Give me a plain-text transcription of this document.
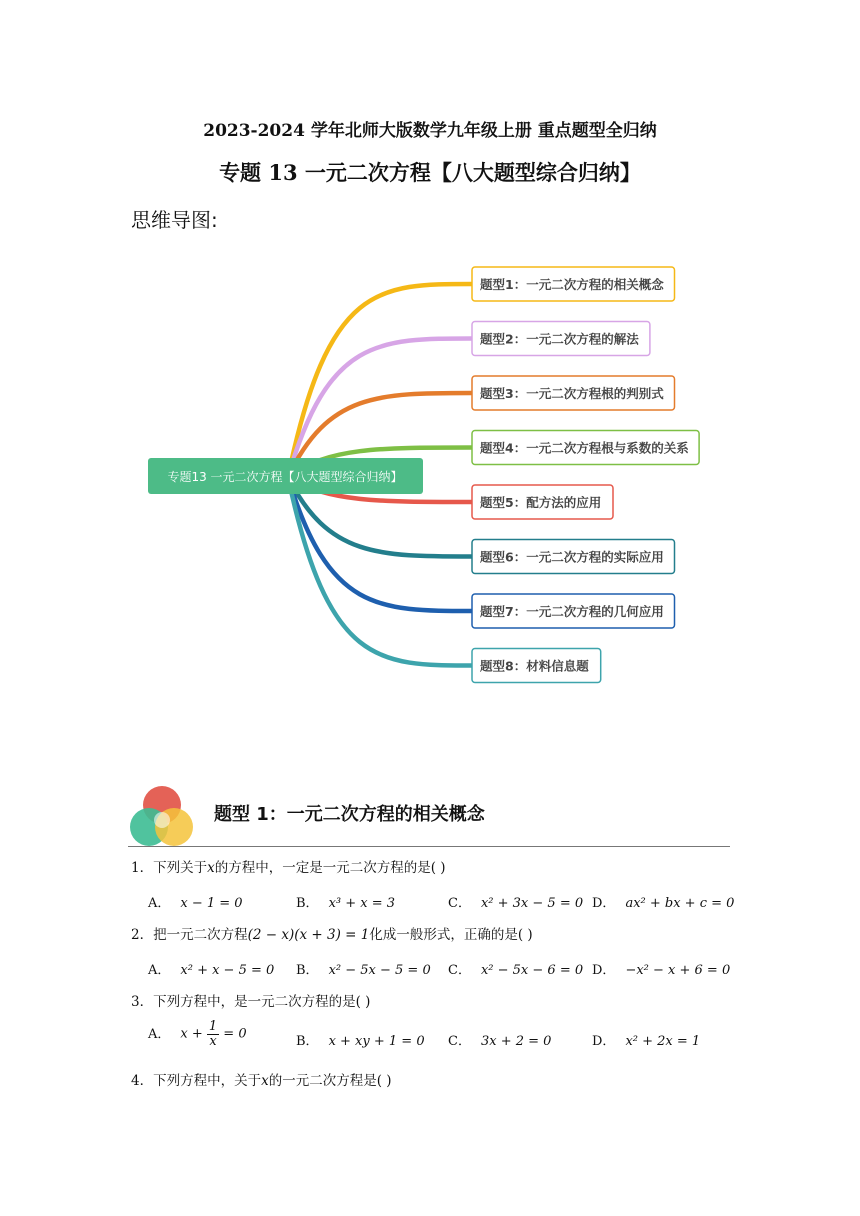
2023-2024 学年北师大版数学九年级上册 重点题型全归纳
专题 13 一元二次方程【八大题型综合归纳】
思维导图:
专题13 一元二次方程【八大题型综合归纳】
题型1：一元二次方程的相关概念
题型2：一元二次方程的解法
题型3：一元二次方程根的判别式
题型4：一元二次方程根与系数的关系
题型5：配方法的应用
题型6：一元二次方程的实际应用
题型7：一元二次方程的几何应用
题型8：材料信息题
题型 1：一元二次方程的相关概念
1．下列关于x的方程中，一定是一元二次方程的是( )
A． x − 1 = 0	B． x³ + x = 3	C． x² + 3x − 5 = 0 D． ax² + bx + c = 0
2．把一元二次方程(2 − x)(x + 3) = 1化成一般形式，正确的是( )
A． x² + x − 5 = 0 B． x² − 5x − 5 = 0 C． x² − 5x − 6 = 0 D． −x² − x + 6 = 0
3．下列方程中，是一元二次方程的是( )
A． $x + \frac{1}{x} = 0$	B． x + xy + 1 = 0 C． 3x + 2 = 0	D． x² + 2x = 1
4．下列方程中，关于x的一元二次方程是( )
